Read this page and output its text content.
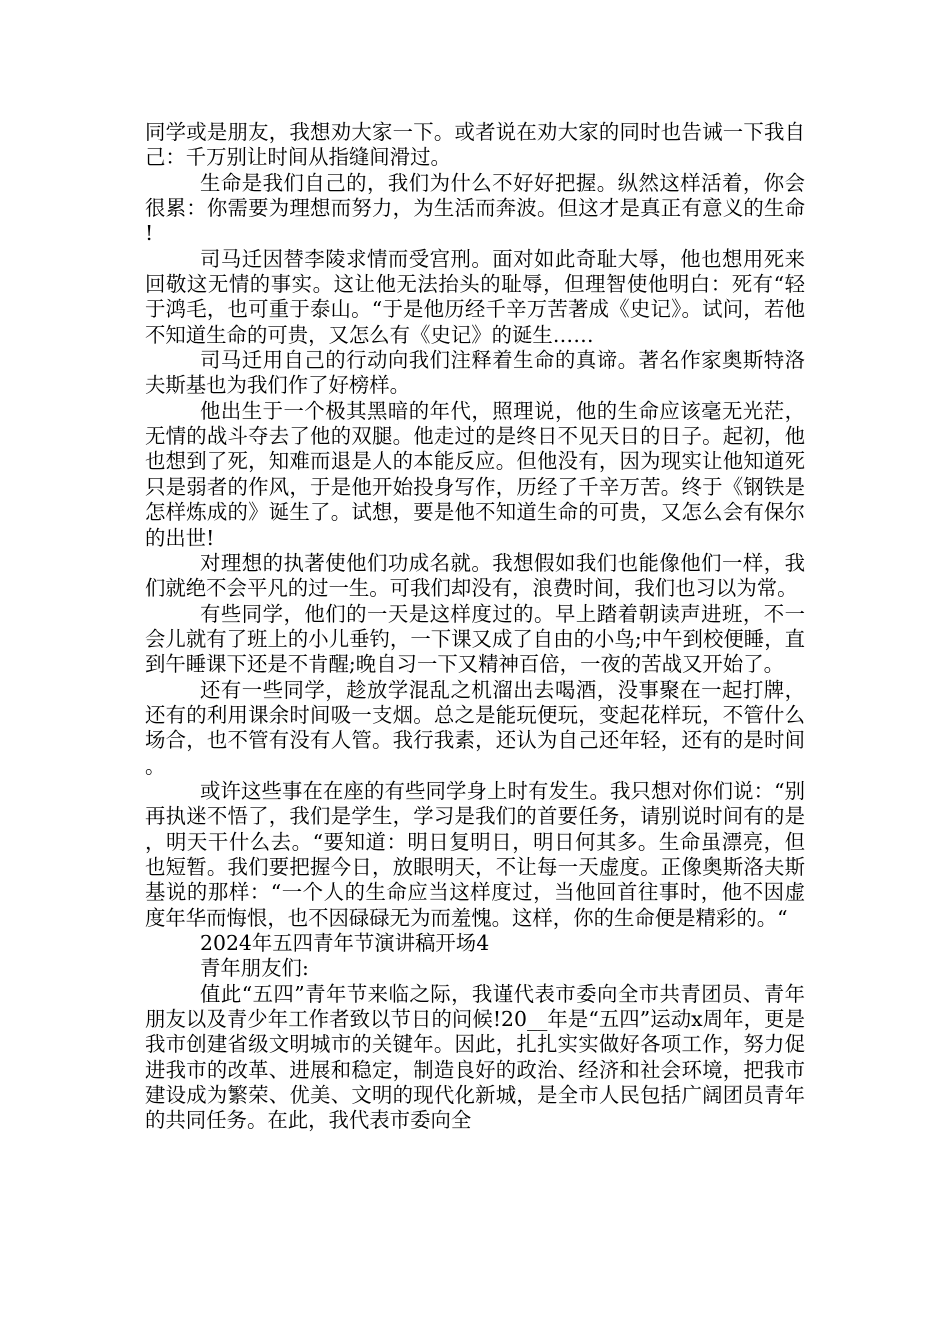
同学或是朋友，我想劝大家一下。或者说在劝大家的同时也告诫一下我自己：千万别让时间从指缝间滑过。

生命是我们自己的，我们为什么不好好把握。纵然这样活着，你会很累：你需要为理想而努力，为生活而奔波。但这才是真正有意义的生命!

司马迁因替李陵求情而受宫刑。面对如此奇耻大辱，他也想用死来回敬这无情的事实。这让他无法抬头的耻辱，但理智使他明白：死有“轻于鸿毛，也可重于泰山。“于是他历经千辛万苦著成《史记》。试问，若他不知道生命的可贵，又怎么有《史记》的诞生……

司马迁用自己的行动向我们注释着生命的真谛。著名作家奥斯特洛夫斯基也为我们作了好榜样。

他出生于一个极其黑暗的年代，照理说，他的生命应该毫无光茫，无情的战斗夺去了他的双腿。他走过的是终日不见天日的日子。起初，他也想到了死，知难而退是人的本能反应。但他没有，因为现实让他知道死只是弱者的作风，于是他开始投身写作，历经了千辛万苦。终于《钢铁是怎样炼成的》诞生了。试想，要是他不知道生命的可贵，又怎么会有保尔的出世!

对理想的执著使他们功成名就。我想假如我们也能像他们一样，我们就绝不会平凡的过一生。可我们却没有，浪费时间，我们也习以为常。

有些同学，他们的一天是这样度过的。早上踏着朝读声进班，不一会儿就有了班上的小儿垂钓，一下课又成了自由的小鸟;中午到校便睡，直到午睡课下还是不肯醒;晚自习一下又精神百倍，一夜的苦战又开始了。

还有一些同学，趁放学混乱之机溜出去喝酒，没事聚在一起打牌，还有的利用课余时间吸一支烟。总之是能玩便玩，变起花样玩，不管什么场合，也不管有没有人管。我行我素，还认为自己还年轻，还有的是时间。

或许这些事在在座的有些同学身上时有发生。我只想对你们说：“别再执迷不悟了，我们是学生，学习是我们的首要任务，请别说时间有的是，明天干什么去。“要知道：明日复明日，明日何其多。生命虽漂亮，但也短暂。我们要把握今日，放眼明天，不让每一天虚度。正像奥斯洛夫斯基说的那样：“一个人的生命应当这样度过，当他回首往事时，他不因虚度年华而悔恨，也不因碌碌无为而羞愧。这样，你的生命便是精彩的。“

2024年五四青年节演讲稿开场4

青年朋友们:

值此“五四”青年节来临之际，我谨代表市委向全市共青团员、青年朋友以及青少年工作者致以节日的问候!20__年是“五四”运动x周年，更是我市创建省级文明城市的关键年。因此，扎扎实实做好各项工作，努力促进我市的改革、进展和稳定，制造良好的政治、经济和社会环境，把我市建设成为繁荣、优美、文明的现代化新城，是全市人民包括广阔团员青年的共同任务。在此，我代表市委向全
